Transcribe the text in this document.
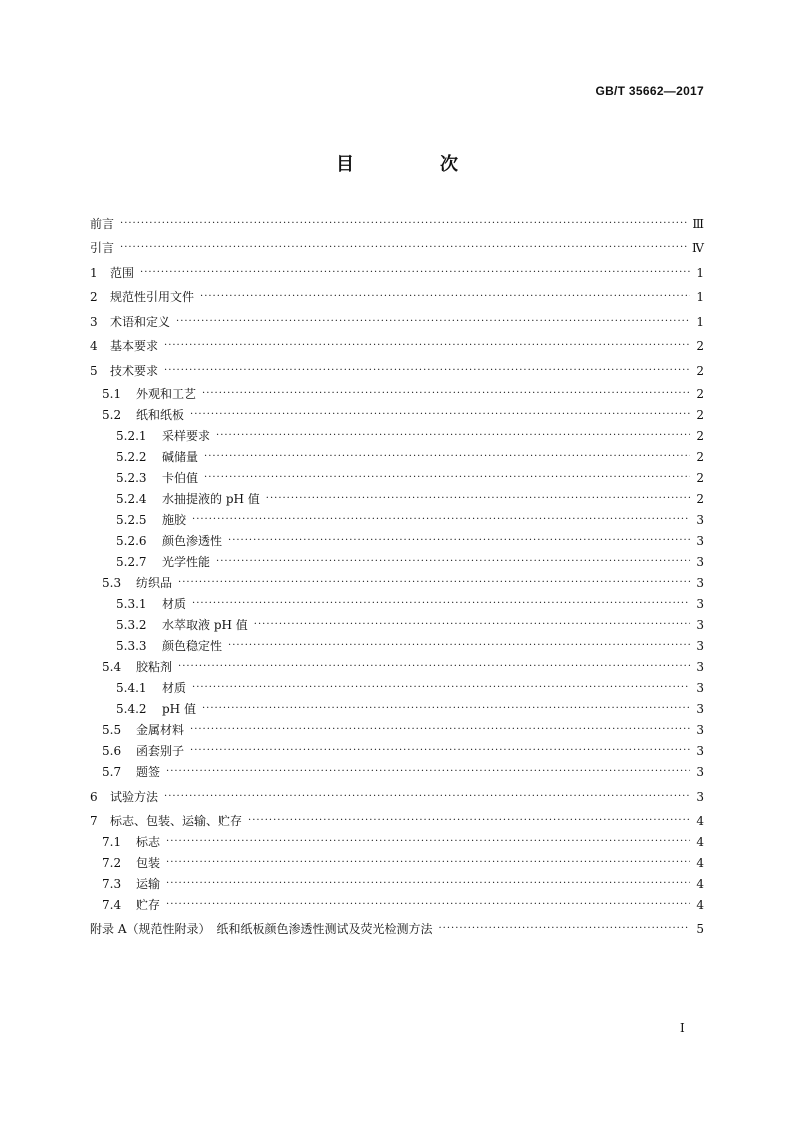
GB/T 35662—2017
目　次
前言 ·····	Ⅲ
引言 ·····	Ⅳ
1	范围 ·····	1
2	规范性引用文件 ·····	1
3	术语和定义 ·····	1
4	基本要求 ·····	2
5	技术要求 ·····	2
5.1	外观和工艺 ·····	2
5.2	纸和纸板 ·····	2
5.2.1	采样要求 ·····	2
5.2.2	碱储量 ·····	2
5.2.3	卡伯值 ·····	2
5.2.4	水抽提液的 pH 值 ·····	2
5.2.5	施胶 ·····	3
5.2.6	颜色渗透性 ·····	3
5.2.7	光学性能 ·····	3
5.3	纺织品 ·····	3
5.3.1	材质 ·····	3
5.3.2	水萃取液 pH 值 ·····	3
5.3.3	颜色稳定性 ·····	3
5.4	胶粘剂 ·····	3
5.4.1	材质 ·····	3
5.4.2	pH 值 ·····	3
5.5	金属材料 ·····	3
5.6	函套别子 ·····	3
5.7	题签 ·····	3
6	试验方法 ·····	3
7	标志、包装、运输、贮存 ·····	4
7.1	标志 ·····	4
7.2	包装 ·····	4
7.3	运输 ·····	4
7.4	贮存 ·····	4
附录 A（规范性附录）　纸和纸板颜色渗透性测试及荧光检测方法 ·····	5
I
